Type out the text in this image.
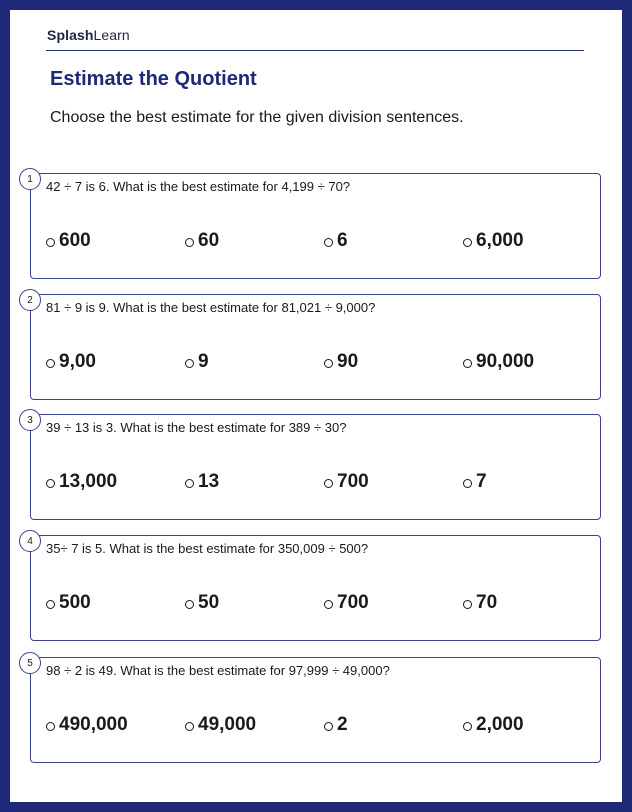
SplashLearn
Estimate the Quotient
Choose the best estimate for the given division sentences.
1	42 ÷ 7 is 6. What is the best estimate for 4,199 ÷ 70?
600	60	6	6,000
2	81 ÷ 9 is 9. What is the best estimate for 81,021 ÷ 9,000?
9,00	9	90	90,000
3	39 ÷ 13 is 3. What is the best estimate for 389 ÷ 30?
13,000	13	700	7
4	35÷ 7 is 5. What is the best estimate for 350,009 ÷ 500?
500	50	700	70
5	98 ÷ 2 is 49. What is the best estimate for 97,999 ÷ 49,000?
490,000	49,000	2	2,000
